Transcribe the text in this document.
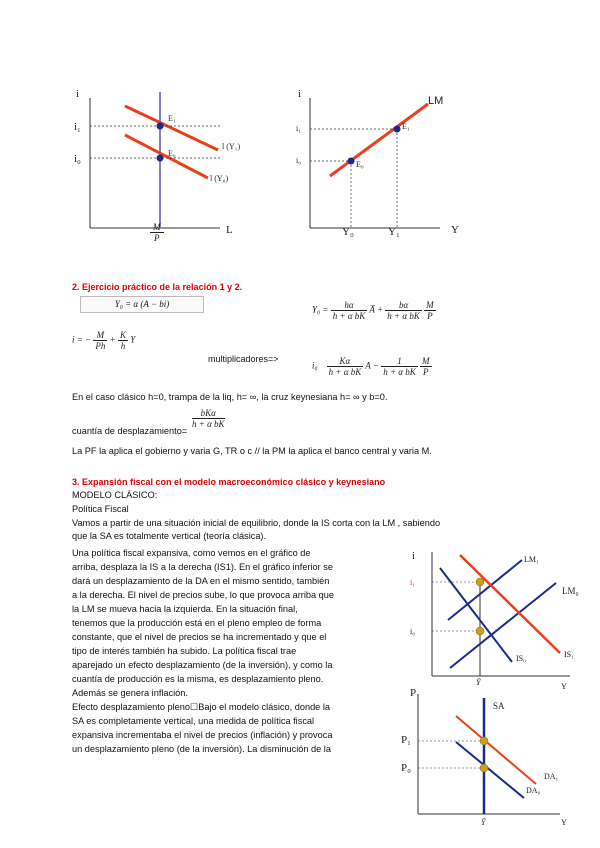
i
i₁
i₀
E₁
E₀
l (Y₁)
l (Y₀)
L
$\frac{M}{P}$
i
LM
i₁
i₀
E₁
E₀
Y₀	Y₁	Y
2. Ejercicio práctico de la relación 1 y 2.
Y₀ = α (A − bi)
$Y_0 = \frac{h\alpha}{\text{h + α bK}}$ A̅ + $\frac{b\alpha}{\text{h + α bK}}$
$\frac{M}{P}$
i = − $\frac{M}{Ph} + \frac{K}{h}$ Y
multiplicadores=>
$i_0 \frac{K\alpha}{\text{h + α bK}}$ $A - \frac{1}{\text{h + α bK}}$
$\frac{M}{P}$
En el caso clásico h=0, trampa de la liq, h= ∞, la cruz keynesiana h= ∞ y b=0.
cuantía de desplazamiento=
bKα
h + α bK
La PF la aplica el gobierno y varia G, TR o c // la PM la aplica el banco central y varia M.
3. Expansión fiscal con el modelo macroeconómico clásico y keynesiano
MODELO CLÁSICO:
Política Fiscal
Vamos a partir de una situación inicial de equilibrio, donde la IS corta con la LM , sabiendo
que la SA es totalmente vertical (teoría clásica).
Una política fiscal expansiva, como vemos en el gráfico de
arriba, desplaza la IS a la derecha (IS1). En el gráfico inferior se
dará un desplazamiento de la DA en el mismo sentido, también
a la derecha. El nivel de precios sube, lo que provoca arriba que
la LM se mueva hacia la izquierda. En la situación final,
tenemos que la producción está en el pleno empleo de forma
constante, que el nivel de precios se ha incrementado y que el
tipo de interés también ha subido. La política fiscal trae
aparejado un efecto desplazamiento (de la inversión), y como la
cuantía de producción es la misma, es desplazamiento pleno.
Además se genera inflación.
Efecto desplazamiento pleno☐Bajo el modelo clásico, donde la
SA es completamente vertical, una medida de política fiscal
expansiva incrementaba el nivel de precios (inflación) y provoca
un desplazamiento pleno (de la inversión). La disminución de la
i
i₁
i₀
LM₁
LM₀
IS₀	IS₁
Ȳ	Y
P
SA
P₁
P₀
DA₁
DA₀
Ȳ	Y
